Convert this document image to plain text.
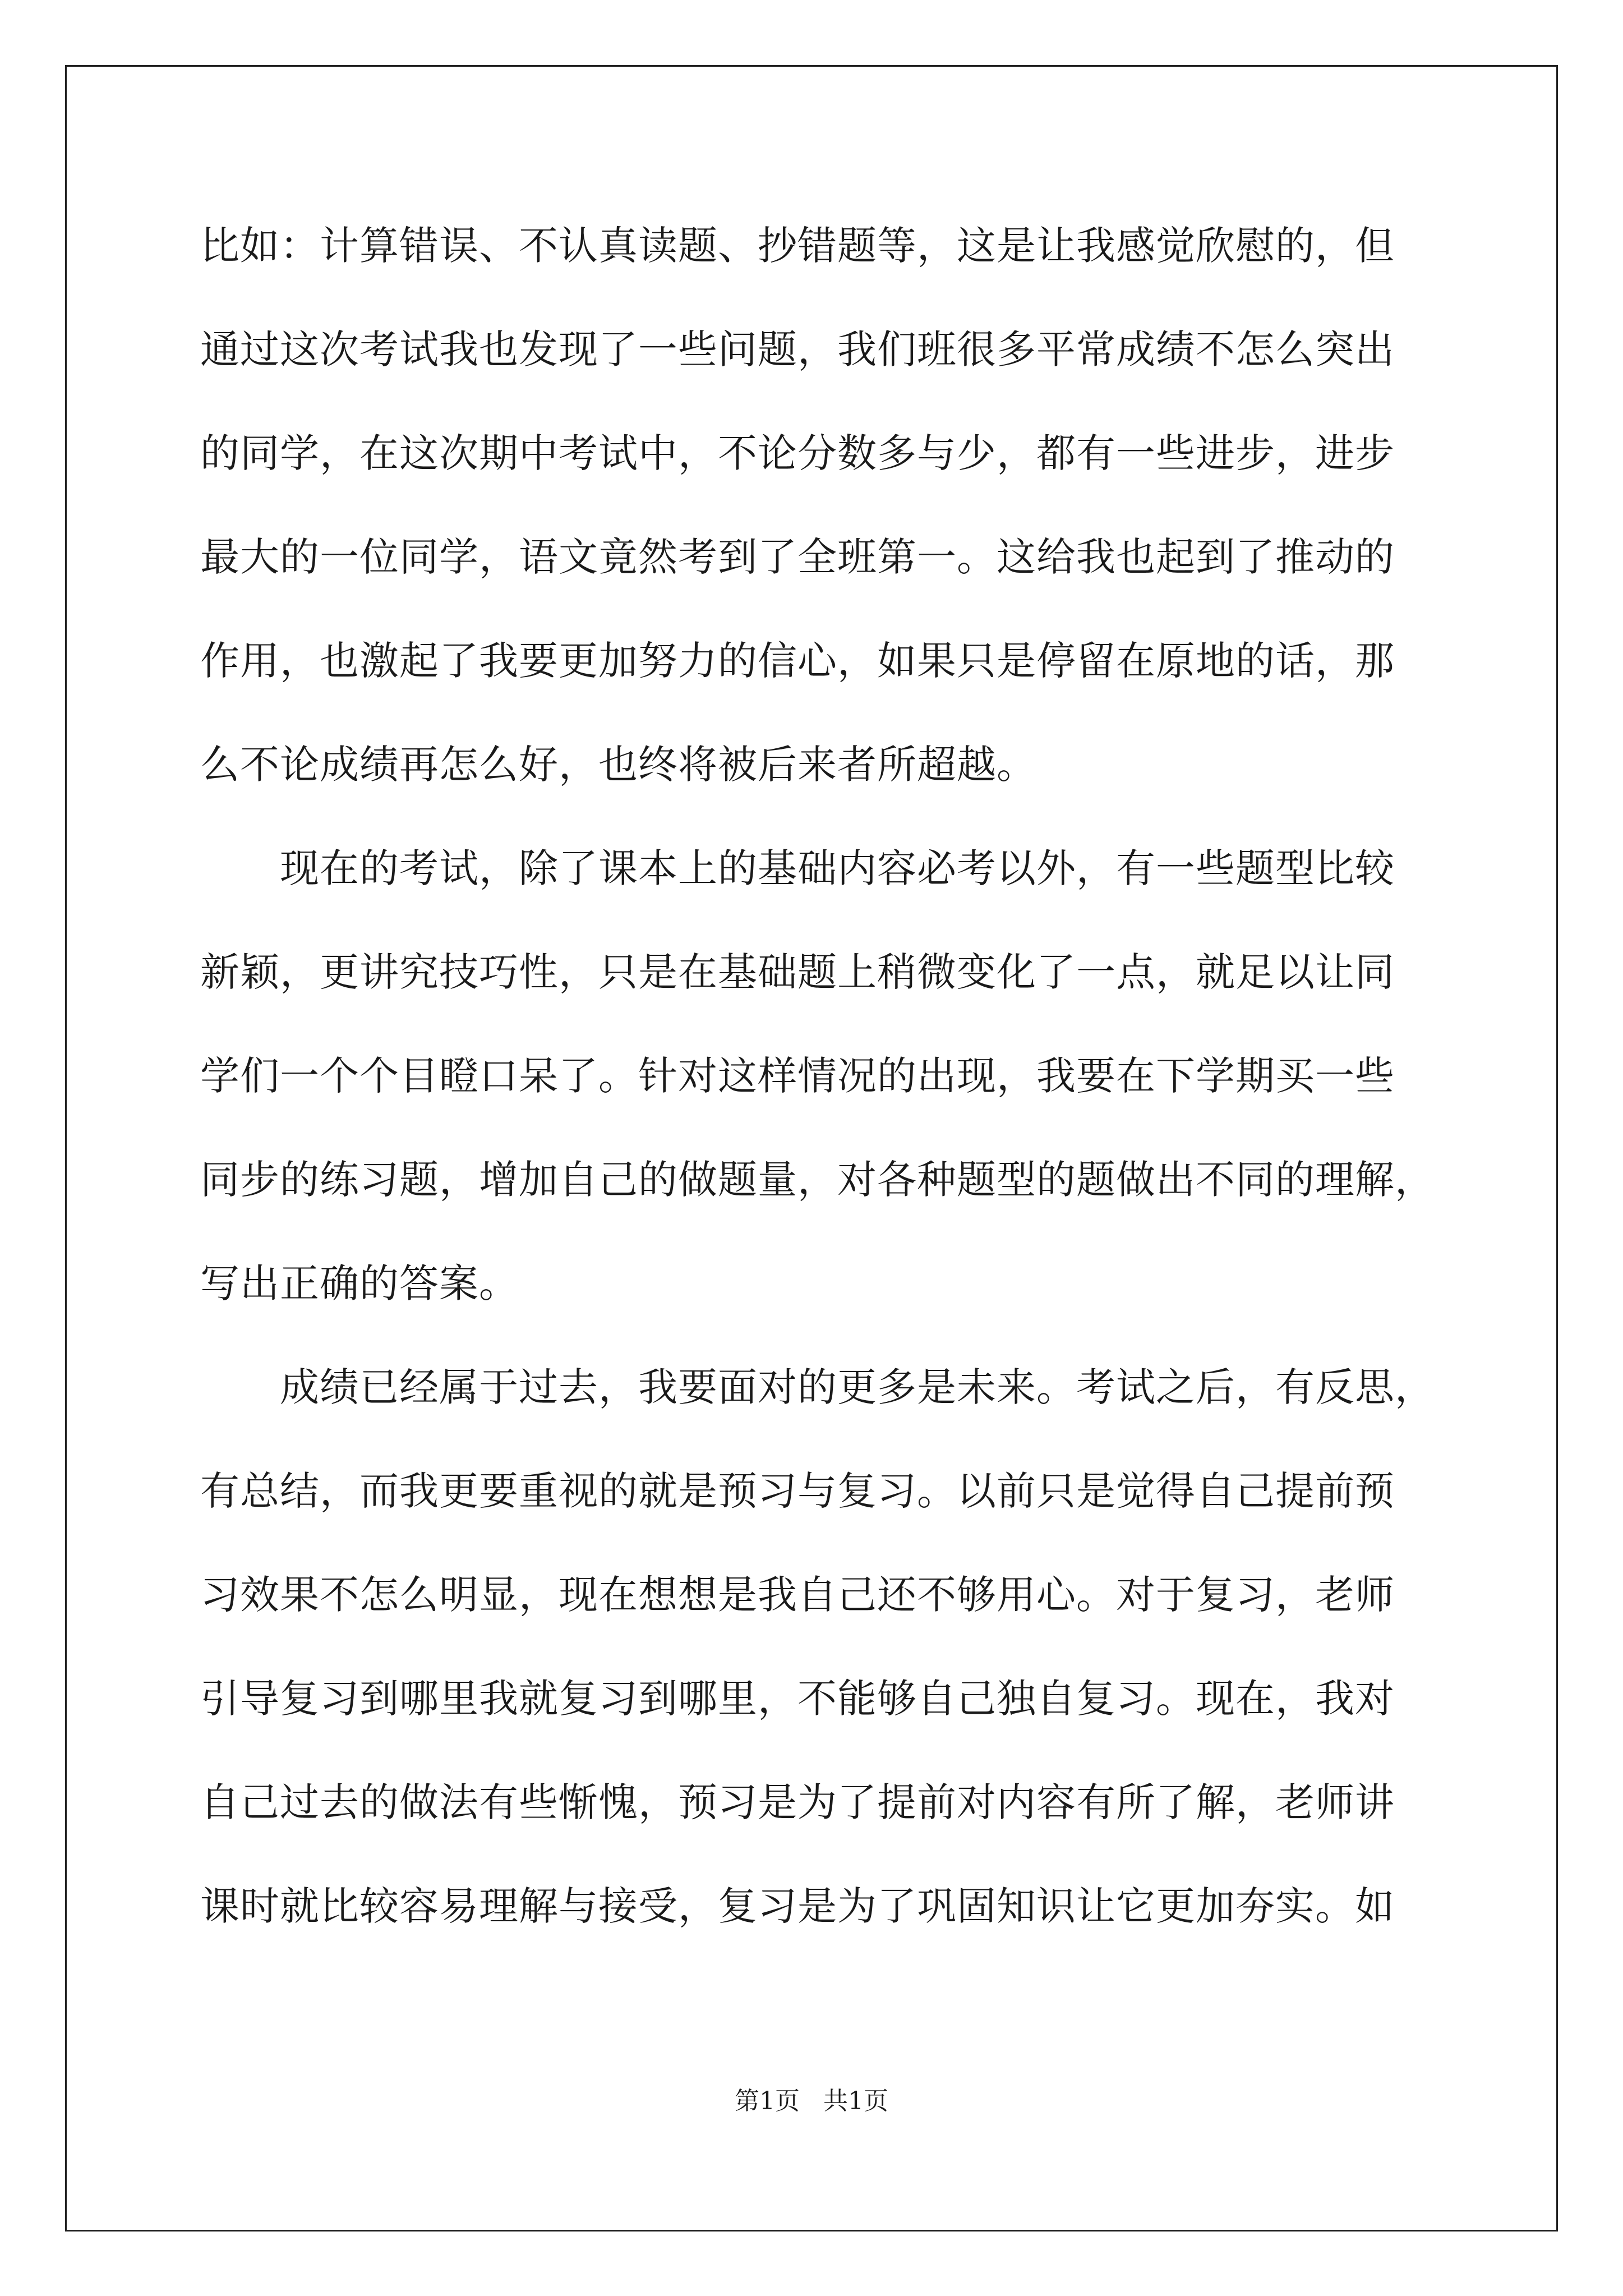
比如：计算错误、不认真读题、抄错题等，这是让我感觉欣慰的，但

通过这次考试我也发现了一些问题，我们班很多平常成绩不怎么突出

的同学，在这次期中考试中，不论分数多与少，都有一些进步，进步

最大的一位同学，语文竟然考到了全班第一。这给我也起到了推动的

作用，也激起了我要更加努力的信心，如果只是停留在原地的话，那

么不论成绩再怎么好，也终将被后来者所超越。

　　现在的考试，除了课本上的基础内容必考以外，有一些题型比较

新颖，更讲究技巧性，只是在基础题上稍微变化了一点，就足以让同

学们一个个目瞪口呆了。针对这样情况的出现，我要在下学期买一些

同步的练习题，增加自己的做题量，对各种题型的题做出不同的理解，

写出正确的答案。

　　成绩已经属于过去，我要面对的更多是未来。考试之后，有反思，

有总结，而我更要重视的就是预习与复习。以前只是觉得自己提前预

习效果不怎么明显，现在想想是我自己还不够用心。对于复习，老师

引导复习到哪里我就复习到哪里，不能够自己独自复习。现在，我对

自己过去的做法有些惭愧，预习是为了提前对内容有所了解，老师讲

课时就比较容易理解与接受，复习是为了巩固知识让它更加夯实。如

第1页   共1页
